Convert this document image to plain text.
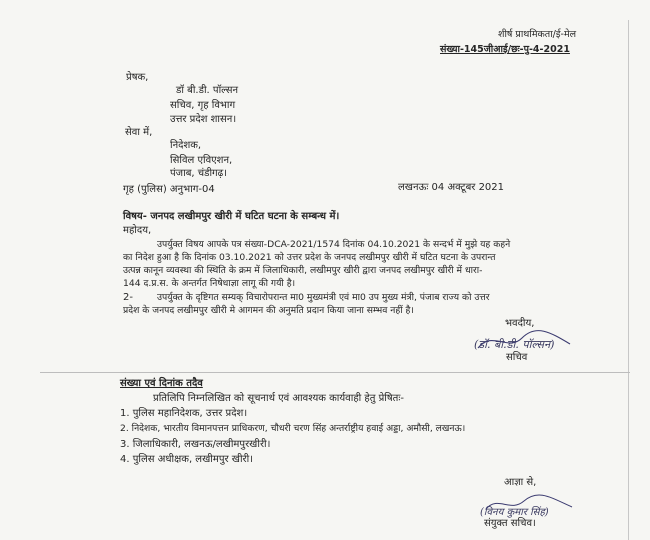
शीर्ष प्राथमिकता/ई-मेल
संख्या-145जीआई/छः-पु-4-2021
प्रेषक,
डॉ बी.डी. पॉल्सन
सचिव, गृह विभाग
उत्तर प्रदेश शासन।
सेवा में,
निदेशक,
सिविल एविएशन,
पंजाब, चंडीगढ़।
गृह (पुलिस) अनुभाग-04	लखनऊः 04 अक्टूबर 2021
विषय- जनपद लखीमपुर खीरी में घटित घटना के सम्बन्ध में।
महोदय,
उपर्युक्त विषय आपके पत्र संख्या-DCA-2021/1574 दिनांक 04.10.2021 के सन्दर्भ में मुझे यह कहने
का निदेश हुआ है कि दिनांक 03.10.2021 को उत्तर प्रदेश के जनपद लखीमपुर खीरी में घटित घटना के उपरान्त
उत्पन्न कानून व्यवस्था की स्थिति के क्रम में जिलाधिकारी, लखीमपुर खीरी द्वारा जनपद लखीमपुर खीरी में धारा-
144 द.प्र.स. के अन्तर्गत निषेधाज्ञा लागू की गयी है।
2-	उपर्युक्त के दृष्टिगत सम्यक् विचारोपरान्त मा0 मुख्यमंत्री एवं मा0 उप मुख्य मंत्री, पंजाब राज्य को उत्तर
प्रदेश के जनपद लखीमपुर खीरी मे आगमन की अनुमति प्रदान किया जाना सम्भव नहीं है।
भवदीय,
(डॉ. बी.डी. पॉल्सन)
सचिव
संख्या एवं दिनांक तदैव
प्रतिलिपि निम्नलिखित को सूचनार्थ एवं आवश्यक कार्यवाही हेतु प्रेषितः-
1. पुलिस महानिदेशक, उत्तर प्रदेश।
2. निदेशक, भारतीय विमानपत्तन प्राधिकरण, चौधरी चरण सिंह अन्तर्राष्ट्रीय हवाई अड्डा, अमौसी, लखनऊ।
3. जिलाधिकारी, लखनऊ/लखीमपुरखीरी।
4. पुलिस अधीक्षक, लखीमपुर खीरी।
आज्ञा से,
(विनय कुमार सिंह)
संयुक्त सचिव।
